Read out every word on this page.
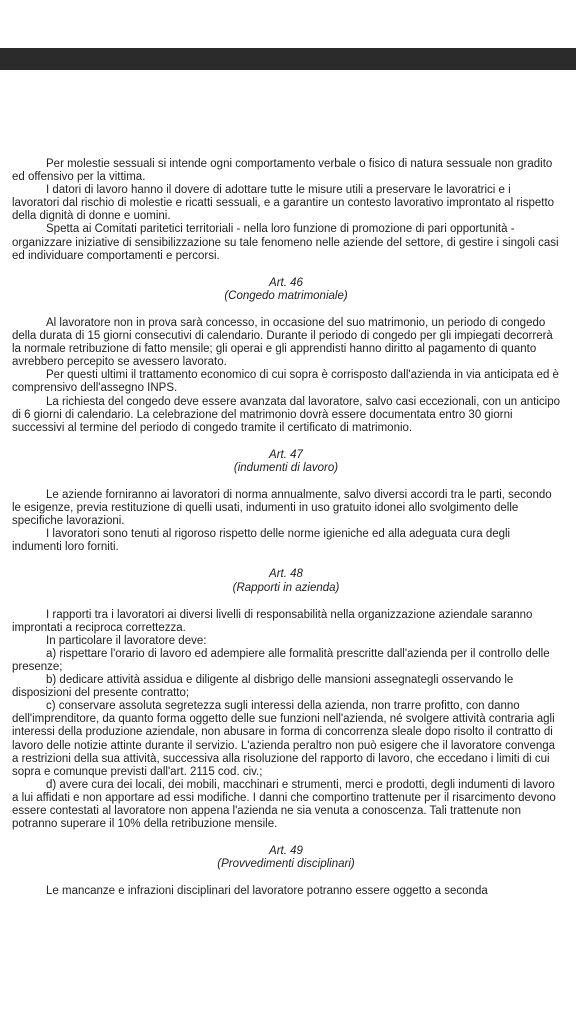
Per molestie sessuali si intende ogni comportamento verbale o fisico di natura sessuale non gradito ed offensivo per la vittima.

I datori di lavoro hanno il dovere di adottare tutte le misure utili a preservare le lavoratrici e i lavoratori dal rischio di molestie e ricatti sessuali, e a garantire un contesto lavorativo improntato al rispetto della dignità di donne e uomini.

Spetta ai Comitati paritetici territoriali - nella loro funzione di promozione di pari opportunità - organizzare iniziative di sensibilizzazione su tale fenomeno nelle aziende del settore, di gestire i singoli casi ed individuare comportamenti e percorsi.

Art. 46

(Congedo matrimoniale)

Al lavoratore non in prova sarà concesso, in occasione del suo matrimonio, un periodo di congedo della durata di 15 giorni consecutivi di calendario. Durante il periodo di congedo per gli impiegati decorrerà la normale retribuzione di fatto mensile; gli operai e gli apprendisti hanno diritto al pagamento di quanto avrebbero percepito se avessero lavorato.

Per questi ultimi il trattamento economico di cui sopra è corrisposto dall'azienda in via anticipata ed è comprensivo dell'assegno INPS.

La richiesta del congedo deve essere avanzata dal lavoratore, salvo casi eccezionali, con un anticipo di 6 giorni di calendario. La celebrazione del matrimonio dovrà essere documentata entro 30 giorni successivi al termine del periodo di congedo tramite il certificato di matrimonio.

Art. 47

(indumenti di lavoro)

Le aziende forniranno ai lavoratori di norma annualmente, salvo diversi accordi tra le parti, secondo le esigenze, previa restituzione di quelli usati, indumenti in uso gratuito idonei allo svolgimento delle specifiche lavorazioni.

I lavoratori sono tenuti al rigoroso rispetto delle norme igieniche ed alla adeguata cura degli indumenti loro forniti.

Art. 48

(Rapporti in azienda)

I rapporti tra i lavoratori ai diversi livelli di responsabilità nella organizzazione aziendale saranno improntati a reciproca correttezza.

In particolare il lavoratore deve:

a) rispettare l'orario di lavoro ed adempiere alle formalità prescritte dall'azienda per il controllo delle presenze;

b) dedicare attività assidua e diligente al disbrigo delle mansioni assegnategli osservando le disposizioni del presente contratto;

c) conservare assoluta segretezza sugli interessi della azienda, non trarre profitto, con danno dell'imprenditore, da quanto forma oggetto delle sue funzioni nell'azienda, né svolgere attività contraria agli interessi della produzione aziendale, non abusare in forma di concorrenza sleale dopo risolto il contratto di lavoro delle notizie attinte durante il servizio. L'azienda peraltro non può esigere che il lavoratore convenga a restrizioni della sua attività, successiva alla risoluzione del rapporto di lavoro, che eccedano i limiti di cui sopra e comunque previsti dall'art. 2115 cod. civ.;

d) avere cura dei locali, dei mobili, macchinari e strumenti, merci e prodotti, degli indumenti di lavoro a lui affidati e non apportare ad essi modifiche. I danni che comportino trattenute per il risarcimento devono essere contestati al lavoratore non appena l'azienda ne sia venuta a conoscenza. Tali trattenute non potranno superare il 10% della retribuzione mensile.

Art. 49

(Provvedimenti disciplinari)

Le mancanze e infrazioni disciplinari del lavoratore potranno essere oggetto a seconda
